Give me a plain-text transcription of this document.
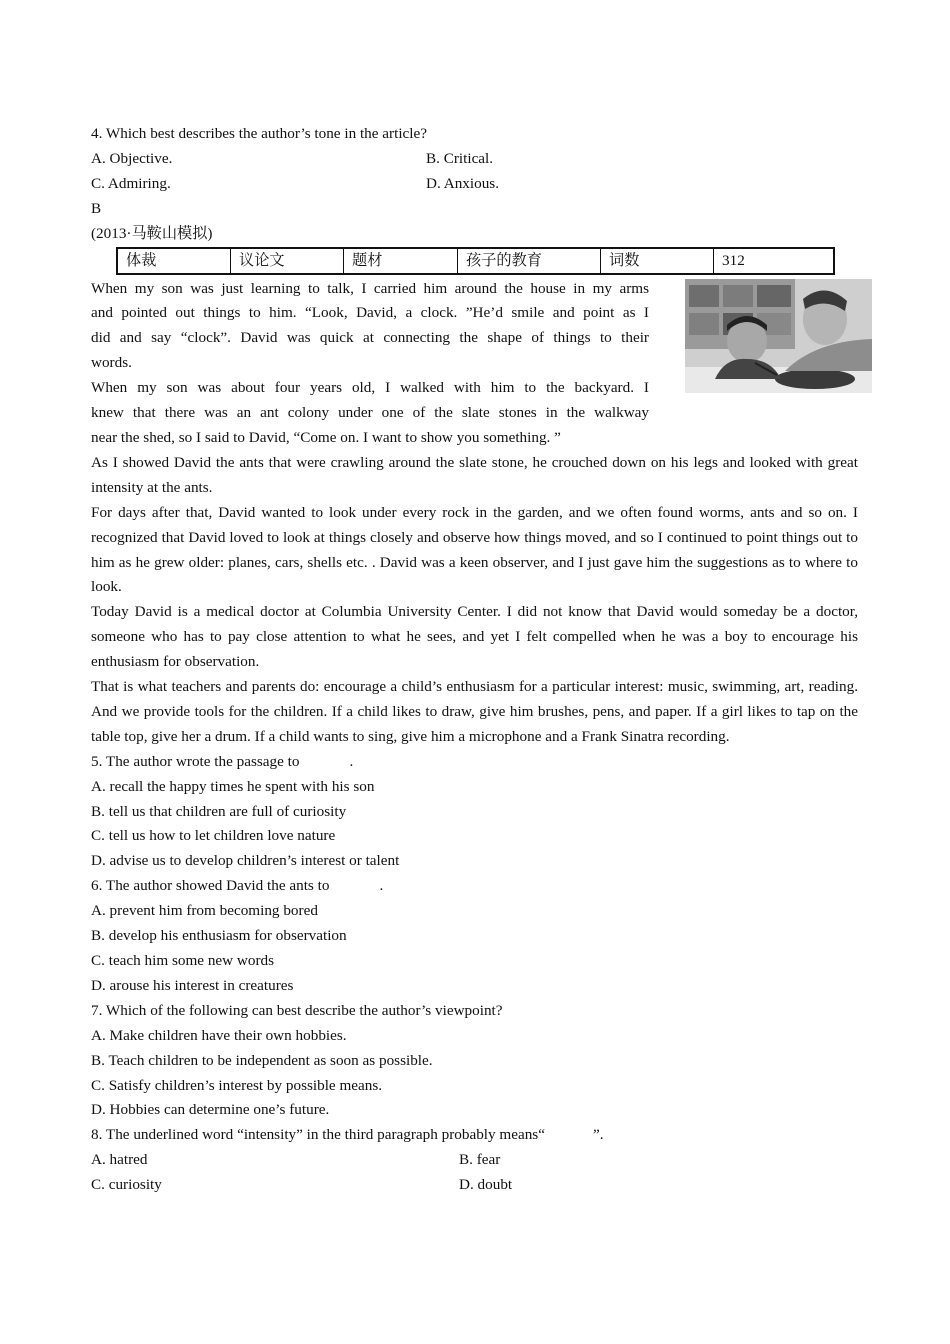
4. Which best describes the author’s tone in the article?
A. Objective.	B. Critical.
C. Admiring.	D. Anxious.
B
(2013·马鞍山模拟)
体裁	议论文	题材	孩子的教育	词数	312
When my son was just learning to talk, I carried him around the house in my arms
and pointed out things to him. “Look, David, a clock. ”He’d smile and point as I
did and say “clock”. David was quick at connecting the shape of things to their
words.
When my son was about four years old, I walked with him to the backyard. I
knew that there was an ant colony under one of the slate stones in the walkway
near the shed, so I said to David, “Come on. I want to show you something. ”
As I showed David the ants that were crawling around the slate stone, he crouched down on his legs and looked with great intensity at the ants.
For days after that, David wanted to look under every rock in the garden, and we often found worms, ants and so on. I recognized that David loved to look at things closely and observe how things moved, and so I continued to point things out to him as he grew older: planes, cars, shells etc. . David was a keen observer, and I just gave him the suggestions as to where to look.
Today David is a medical doctor at Columbia University Center. I did not know that David would someday be a doctor, someone who has to pay close attention to what he sees, and yet I felt compelled when he was a boy to encourage his enthusiasm for observation.
That is what teachers and parents do: encourage a child’s enthusiasm for a particular interest: music, swimming, art, reading. And we provide tools for the children. If a child likes to draw, give him brushes, pens, and paper. If a girl likes to tap on the table top, give her a drum. If a child wants to sing, give him a microphone and a Frank Sinatra recording.
5. The author wrote the passage to	.
A. recall the happy times he spent with his son
B. tell us that children are full of curiosity
C. tell us how to let children love nature
D. advise us to develop children’s interest or talent
6. The author showed David the ants to	.
A. prevent him from becoming bored
B. develop his enthusiasm for observation
C. teach him some new words
D. arouse his interest in creatures
7. Which of the following can best describe the author’s viewpoint?
A. Make children have their own hobbies.
B. Teach children to be independent as soon as possible.
C. Satisfy children’s interest by possible means.
D. Hobbies can determine one’s future.
8. The underlined word “intensity” in the third paragraph probably means“	”.
A. hatred	B. fear
C. curiosity	D. doubt
